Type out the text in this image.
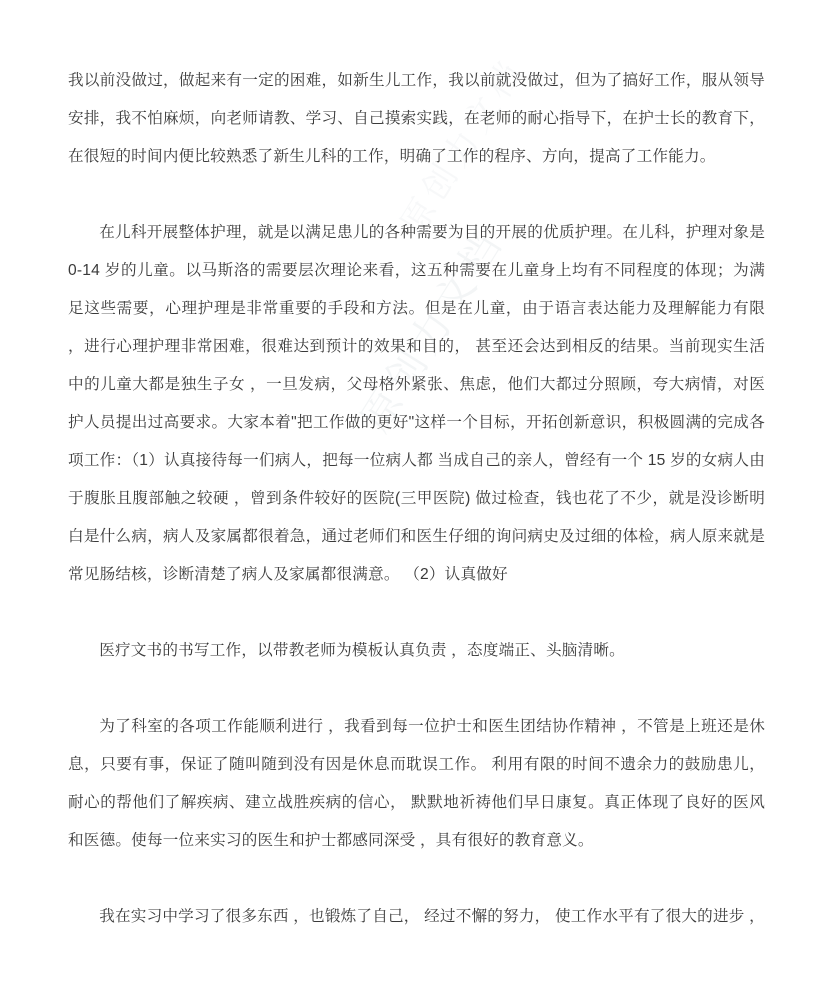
原创力文档
原创力文档

我以前没做过，做起来有一定的困难，如新生儿工作，我以前就没做过，但为了搞好工作，服从领导安排，我不怕麻烦，向老师请教、学习、自己摸索实践，在老师的耐心指导下，在护士长的教育下，在很短的时间内便比较熟悉了新生儿科的工作，明确了工作的程序、方向，提高了工作能力。

在儿科开展整体护理，就是以满足患儿的各种需要为目的开展的优质护理。在儿科，护理对象是 0-14 岁的儿童。以马斯洛的需要层次理论来看，这五种需要在儿童身上均有不同程度的体现；为满足这些需要，心理护理是非常重要的手段和方法。但是在儿童，由于语言表达能力及理解能力有限 ，进行心理护理非常困难，很难达到预计的效果和目的， 甚至还会达到相反的结果。当前现实生活中的儿童大都是独生子女 ，一旦发病，父母格外紧张、焦虑，他们大都过分照顾，夸大病情，对医护人员提出过高要求。大家本着"把工作做的更好"这样一个目标，开拓创新意识，积极圆满的完成各项工作：（1）认真接待每一们病人，把每一位病人都 当成自己的亲人，曾经有一个 15 岁的女病人由于腹胀且腹部触之较硬 ，曾到条件较好的医院(三甲医院) 做过检查，钱也花了不少，就是没诊断明白是什么病，病人及家属都很着急，通过老师们和医生仔细的询问病史及过细的体检，病人原来就是常见肠结核，诊断清楚了病人及家属都很满意。 （2）认真做好

医疗文书的书写工作，以带教老师为模板认真负责 ，态度端正、头脑清晰。

为了科室的各项工作能顺利进行 ，我看到每一位护士和医生团结协作精神 ，不管是上班还是休息，只要有事，保证了随叫随到没有因是休息而耽误工作。 利用有限的时间不遗余力的鼓励患儿，耐心的帮他们了解疾病、建立战胜疾病的信心， 默默地祈祷他们早日康复。真正体现了良好的医风和医德。使每一位来实习的医生和护士都感同深受 ，具有很好的教育意义。

我在实习中学习了很多东西 ，也锻炼了自己， 经过不懈的努力， 使工作水平有了很大的进步 ，
